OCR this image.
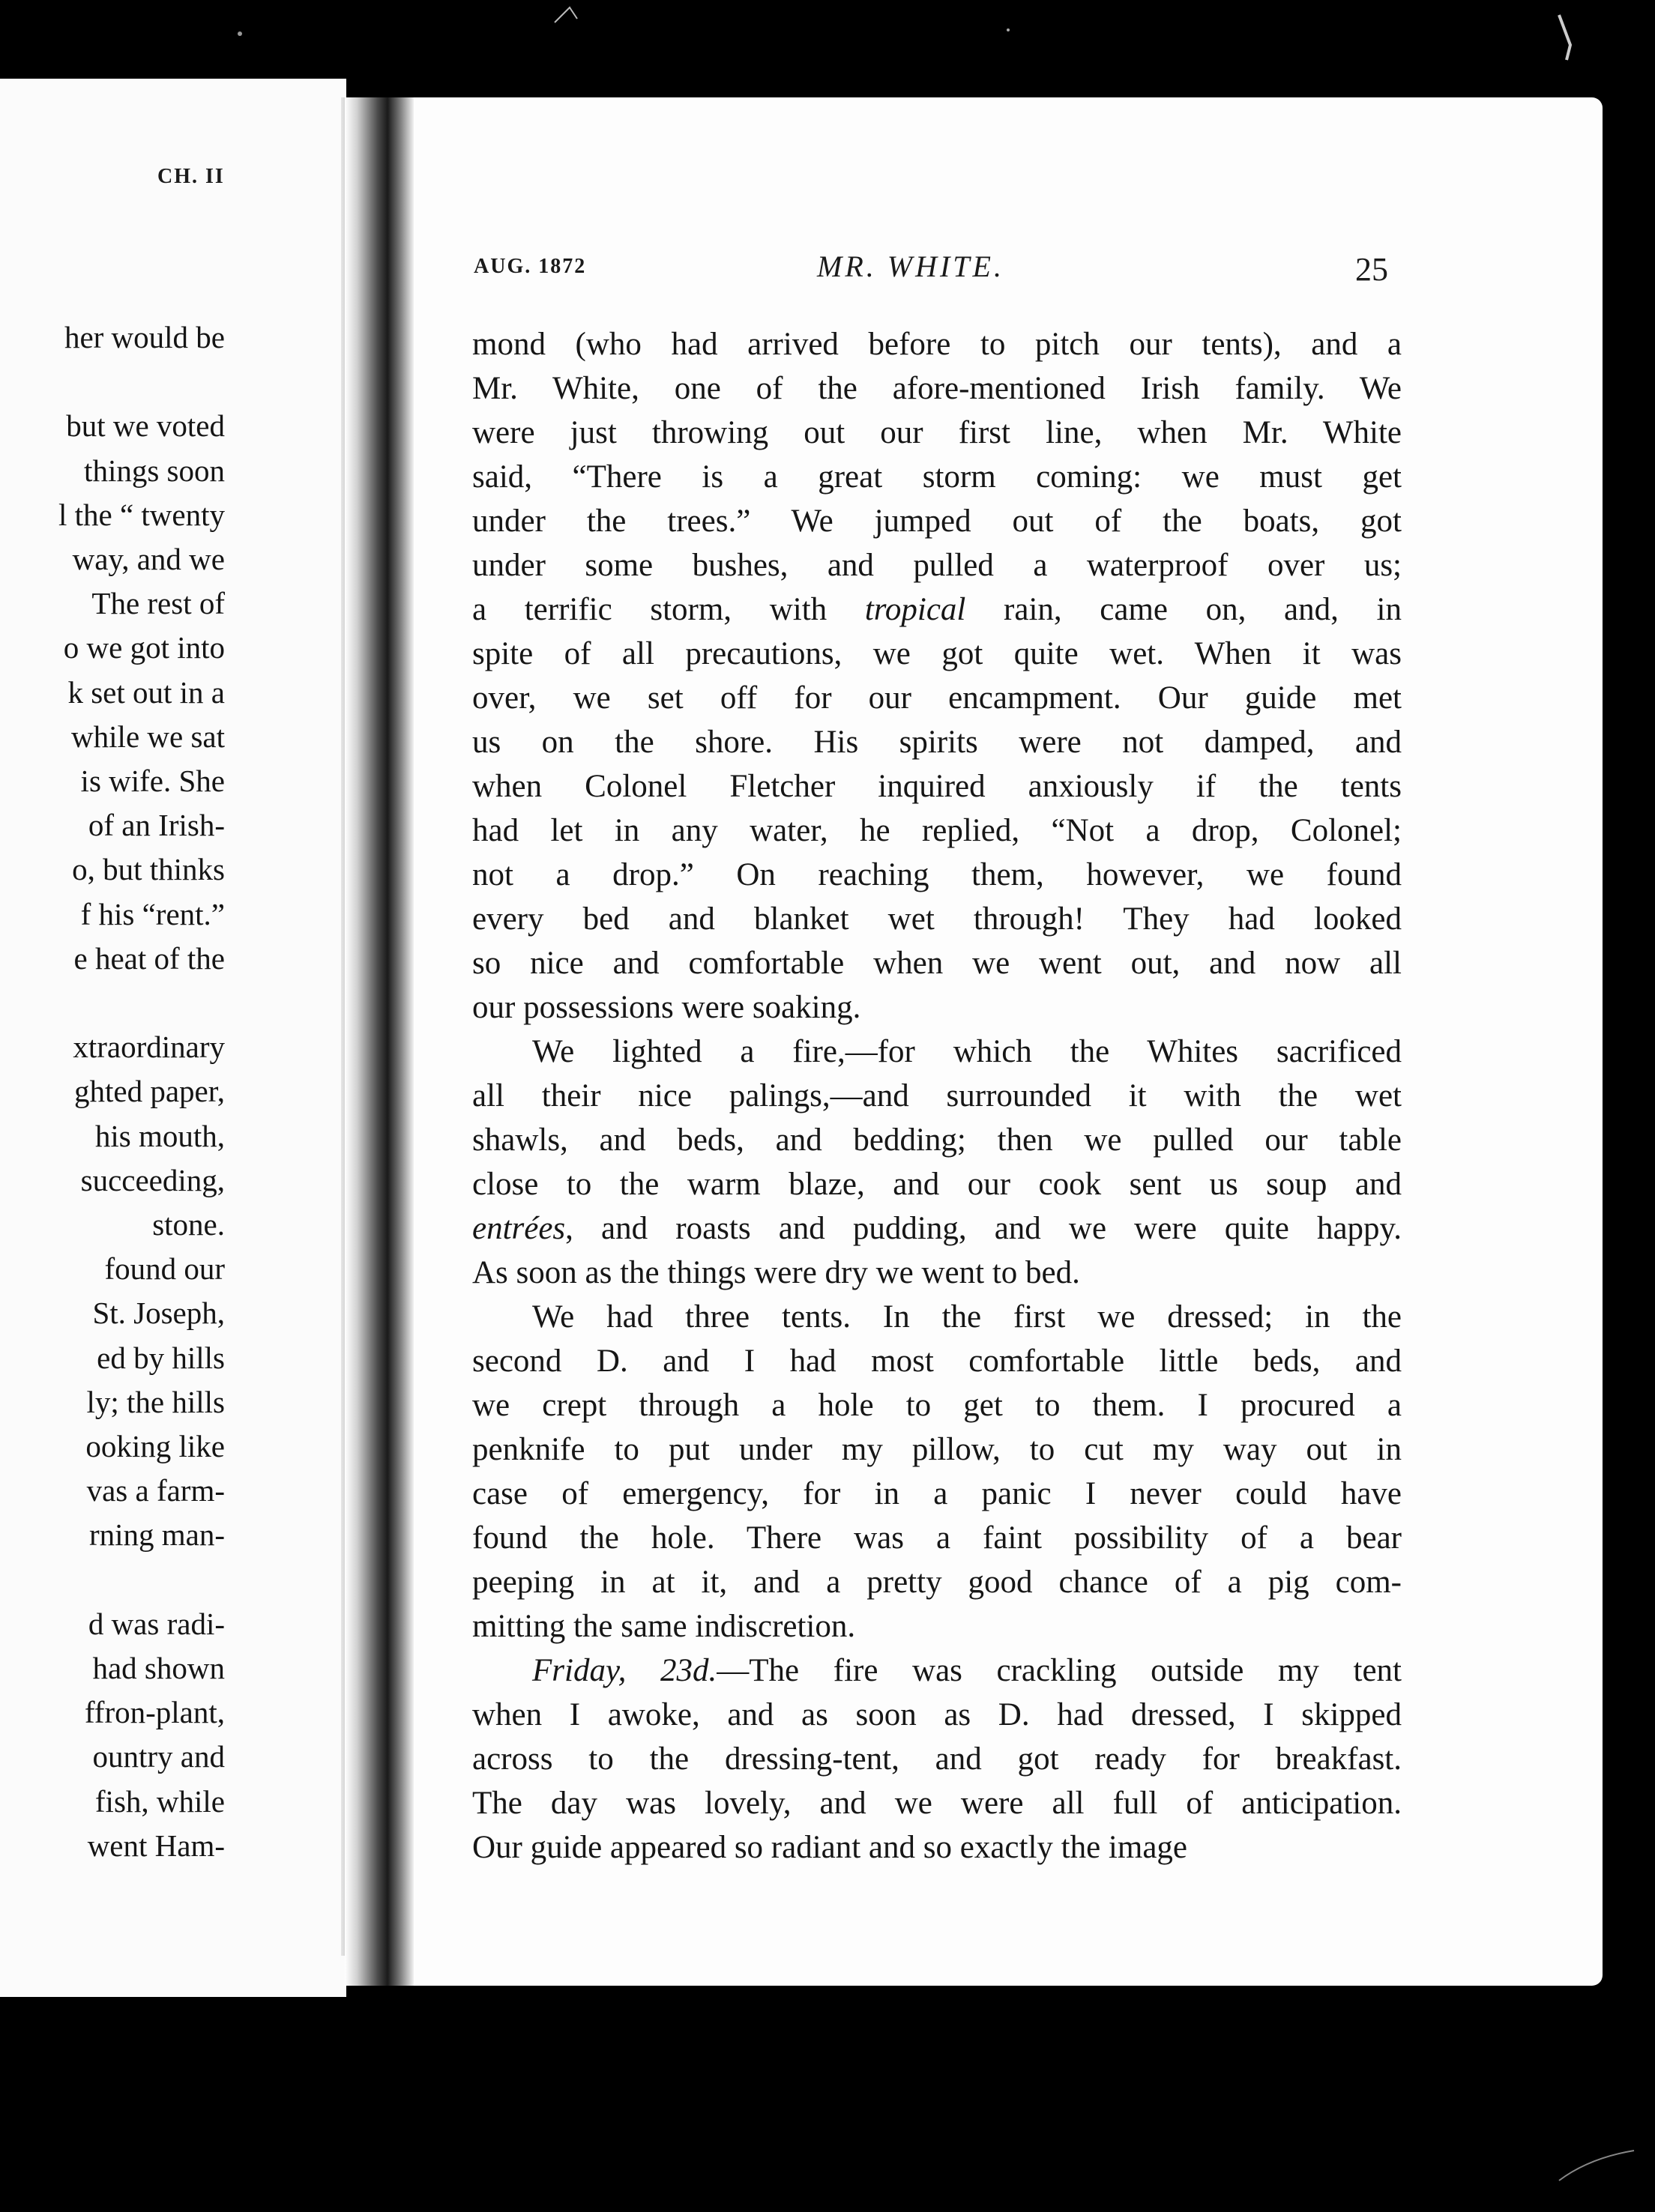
CH. II
AUG. 1872	MR. WHITE.	25
mond (who had arrived before to pitch our tents), and a
Mr. White, one of the afore-mentioned Irish family. We
were just throwing out our first line, when Mr. White
said, “There is a great storm coming: we must get
under the trees.” We jumped out of the boats, got
under some bushes, and pulled a waterproof over us;
a terrific storm, with tropical rain, came on, and, in
spite of all precautions, we got quite wet. When it was
over, we set off for our encampment. Our guide met
us on the shore. His spirits were not damped, and
when Colonel Fletcher inquired anxiously if the tents
had let in any water, he replied, “Not a drop, Colonel;
not a drop.” On reaching them, however, we found
every bed and blanket wet through! They had looked
so nice and comfortable when we went out, and now all
our possessions were soaking.
We lighted a fire,—for which the Whites sacrificed
all their nice palings,—and surrounded it with the wet
shawls, and beds, and bedding; then we pulled our table
close to the warm blaze, and our cook sent us soup and
entrées, and roasts and pudding, and we were quite happy.
As soon as the things were dry we went to bed.
We had three tents. In the first we dressed; in the
second D. and I had most comfortable little beds, and
we crept through a hole to get to them. I procured a
penknife to put under my pillow, to cut my way out in
case of emergency, for in a panic I never could have
found the hole. There was a faint possibility of a bear
peeping in at it, and a pretty good chance of a pig com-
mitting the same indiscretion.
Friday, 23d.—The fire was crackling outside my tent
when I awoke, and as soon as D. had dressed, I skipped
across to the dressing-tent, and got ready for breakfast.
The day was lovely, and we were all full of anticipation.
Our guide appeared so radiant and so exactly the image
her would be
but we voted
things soon
l the “ twenty
way, and we
The rest of
o we got into
k set out in a
while we sat
is wife. She
of an Irish-
o, but thinks
f his “rent.”
e heat of the
xtraordinary
ghted paper,
his mouth,
succeeding,
stone.
found our
St. Joseph,
ed by hills
ly; the hills
ooking like
vas a farm-
rning man-
d was radi-
had shown
ffron-plant,
ountry and
fish, while
went Ham-
